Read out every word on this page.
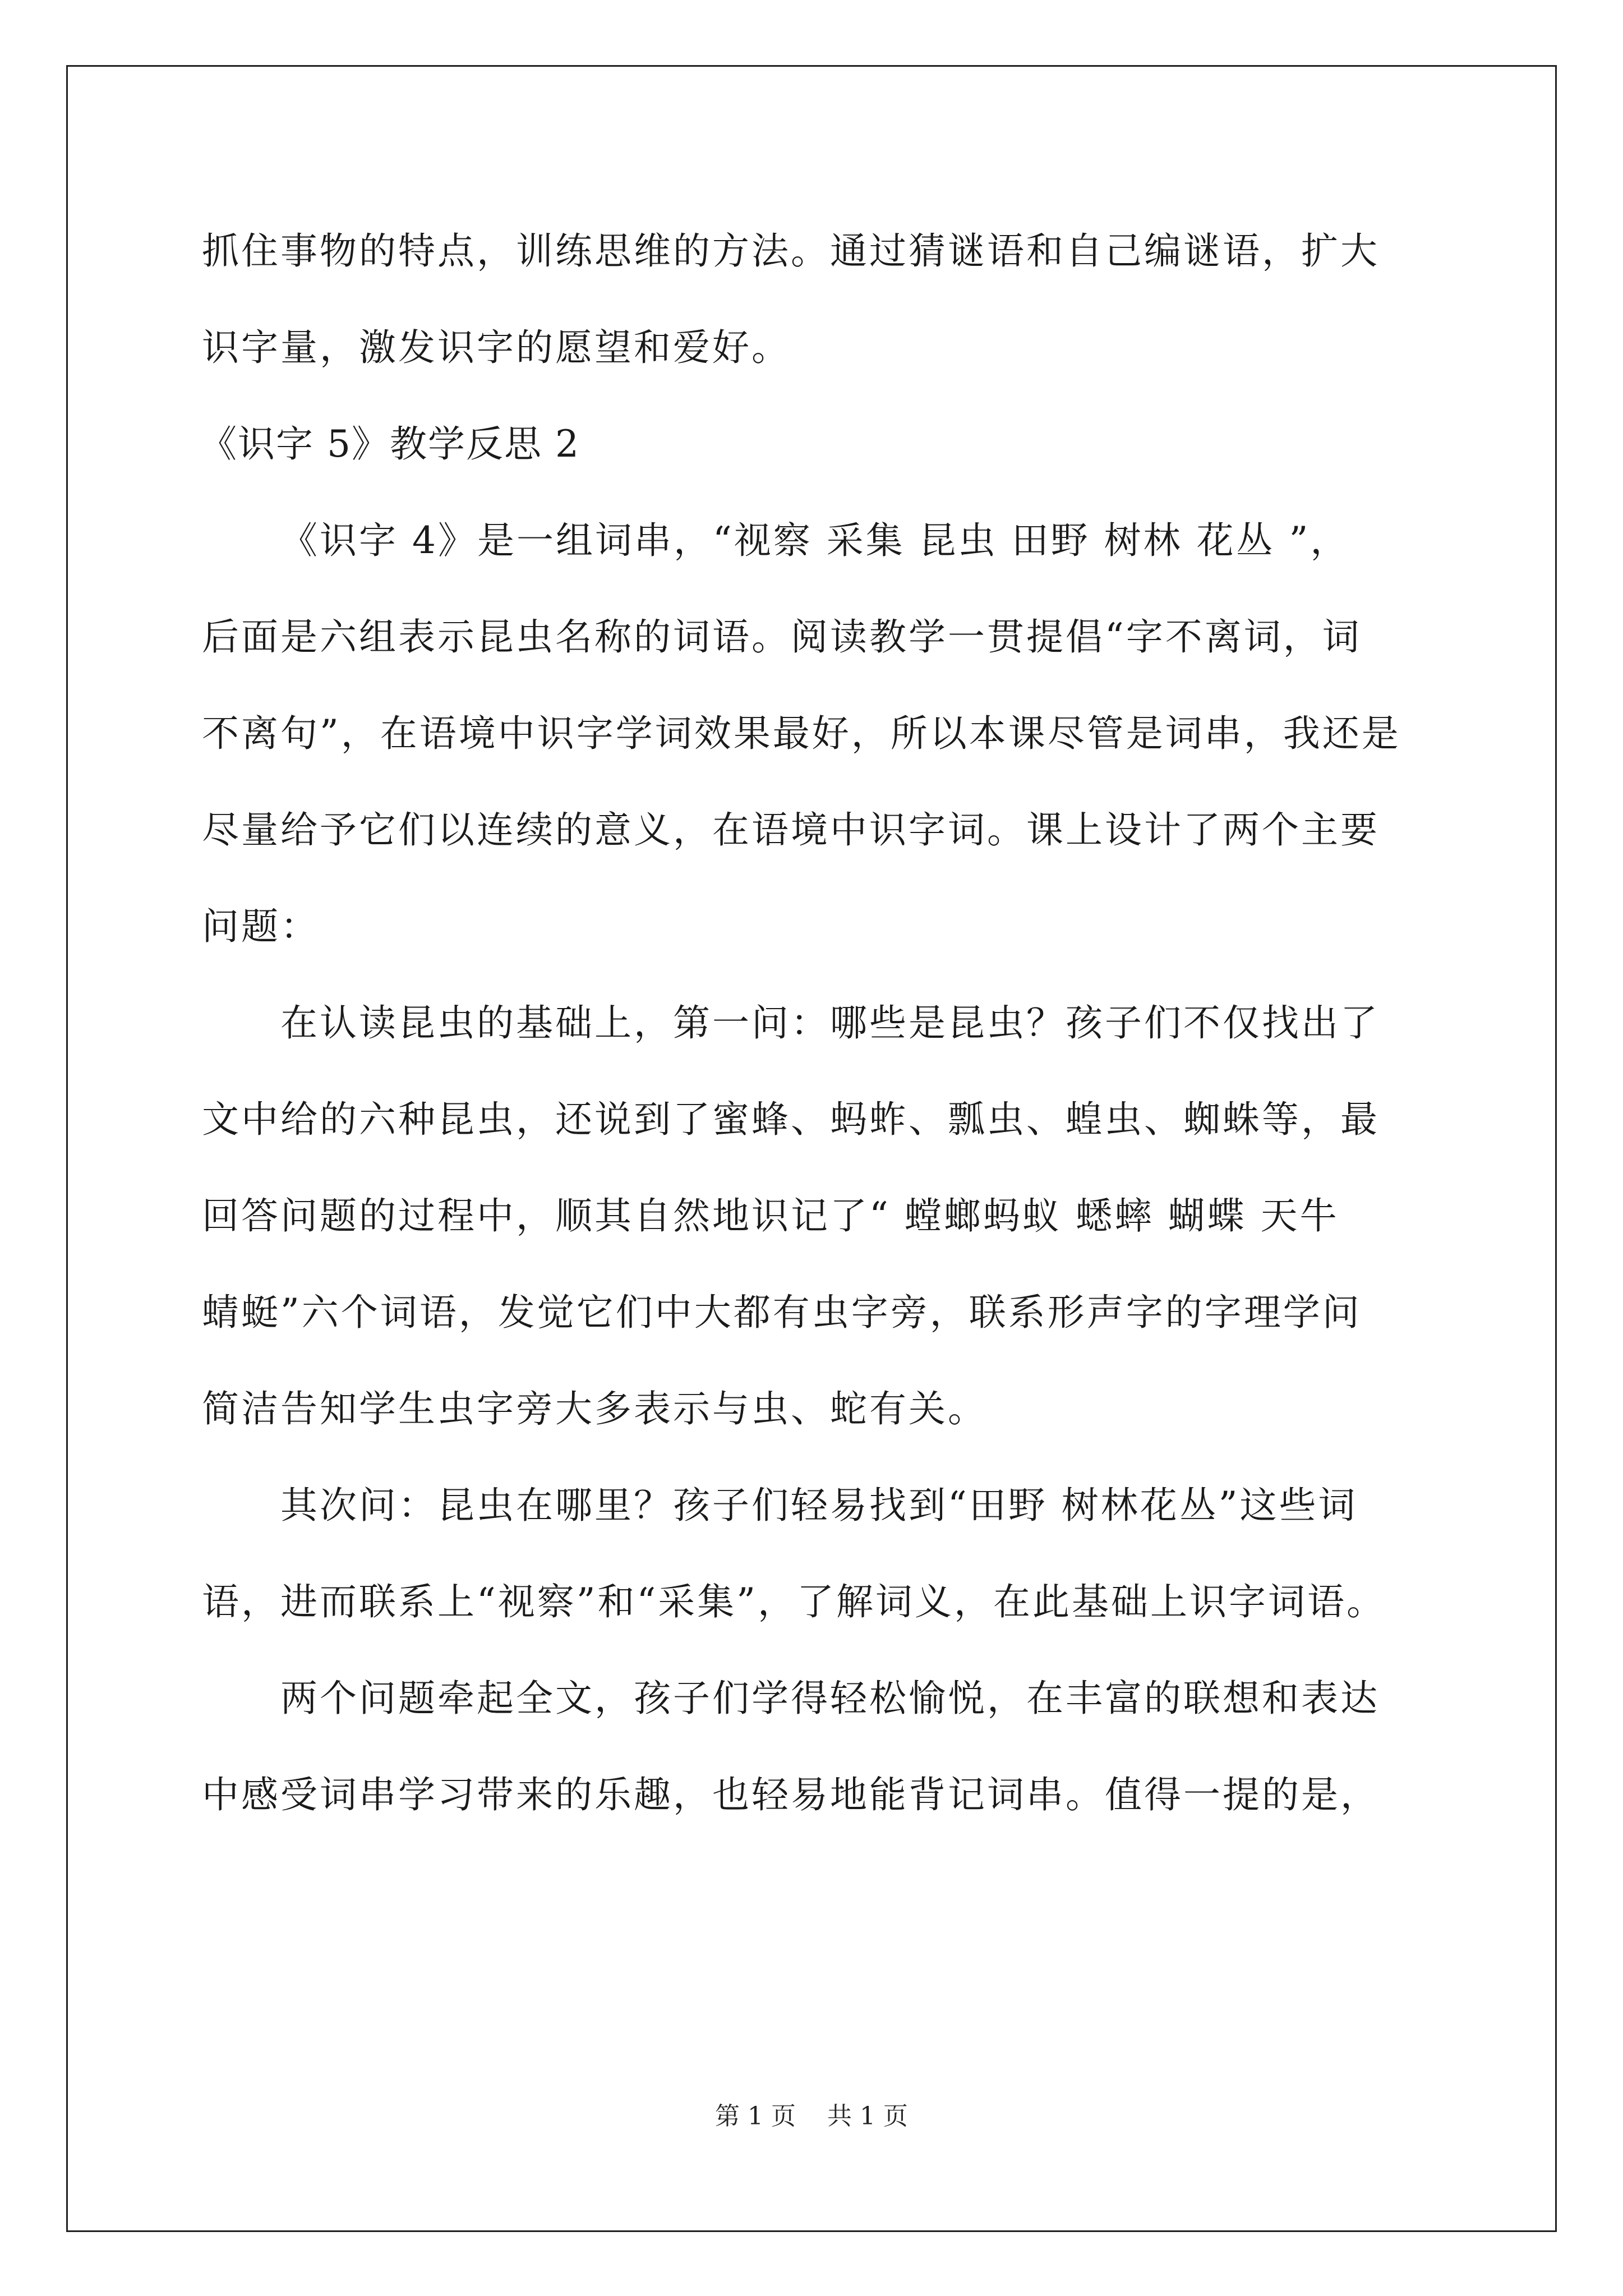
抓住事物的特点，训练思维的方法。通过猜谜语和自己编谜语，扩大

识字量，激发识字的愿望和爱好。

《识字 5》教学反思 2

《识字 4》是一组词串，“视察 采集 昆虫 田野 树林 花丛 ”，

后面是六组表示昆虫名称的词语。阅读教学一贯提倡“字不离词，词

不离句”，在语境中识字学词效果最好，所以本课尽管是词串，我还是

尽量给予它们以连续的意义，在语境中识字词。课上设计了两个主要

问题：

在认读昆虫的基础上，第一问：哪些是昆虫？孩子们不仅找出了

文中给的六种昆虫，还说到了蜜蜂、蚂蚱、瓢虫、蝗虫、蜘蛛等，最

回答问题的过程中，顺其自然地识记了“ 螳螂蚂蚁 蟋蟀 蝴蝶 天牛

蜻蜓”六个词语，发觉它们中大都有虫字旁，联系形声字的字理学问

简洁告知学生虫字旁大多表示与虫、蛇有关。

其次问：昆虫在哪里？孩子们轻易找到“田野 树林花丛”这些词

语，进而联系上“视察”和“采集”，了解词义，在此基础上识字词语。

两个问题牵起全文，孩子们学得轻松愉悦，在丰富的联想和表达

中感受词串学习带来的乐趣，也轻易地能背记词串。值得一提的是，

第 1 页    共 1 页
